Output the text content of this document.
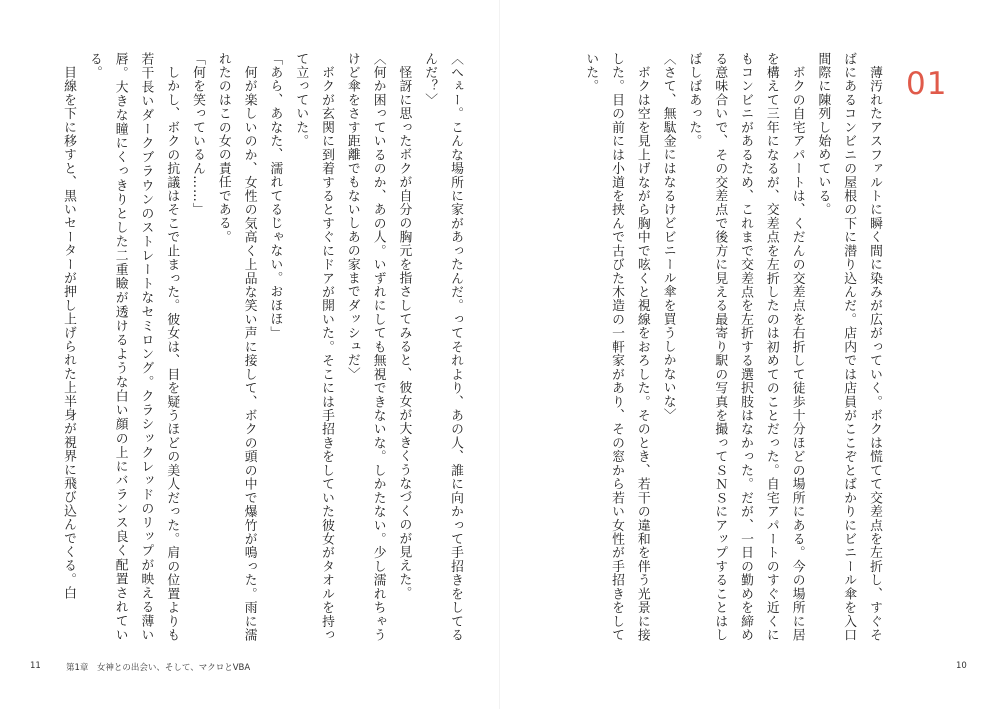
01
　薄汚れたアスファルトに瞬く間に染みが広がっていく。ボクは慌てて交差点を左折し、すぐそばにあるコンビニの屋根の下に潜り込んだ。店内では店員がここぞとばかりにビニール傘を入口間際に陳列し始めている。
　ボクの自宅アパートは、くだんの交差点を右折して徒歩十分ほどの場所にある。今の場所に居を構えて三年になるが、交差点を左折したのは初めてのことだった。自宅アパートのすぐ近くにもコンビニがあるため、これまで交差点を左折する選択肢はなかった。だが、一日の勤めを締める意味合いで、その交差点で後方に見える最寄り駅の写真を撮ってＳＮＳにアップすることはしばしばあった。
〈さて、無駄金にはなるけどビニール傘を買うしかないな〉
　ボクは空を見上げながら胸中で呟くと視線をおろした。そのとき、若干の違和を伴う光景に接した。目の前には小道を挟んで古びた木造の一軒家があり、その窓から若い女性が手招きをしていた。
〈へぇー。こんな場所に家があったんだ。ってそれより、あの人、誰に向かって手招きをしてるんだ？〉
　怪訝に思ったボクが自分の胸元を指さしてみると、彼女が大きくうなづくのが見えた。
〈何か困っているのか、あの人。いずれにしても無視できないな。しかたない。少し濡れちゃうけど傘をさす距離でもないしあの家までダッシュだ〉
　ボクが玄関に到着するとすぐにドアが開いた。そこには手招きをしていた彼女がタオルを持って立っていた。
「あら、あなた、濡れてるじゃない。おほほ」
　何が楽しいのか、女性の気高く上品な笑い声に接して、ボクの頭の中で爆竹が鳴った。雨に濡れたのはこの女の責任である。
「何を笑っているん……」
　しかし、ボクの抗議はそこで止まった。彼女は、目を疑うほどの美人だった。肩の位置よりも若干長いダークブラウンのストレートなセミロング。クラシックレッドのリップが映える薄い唇。大きな瞳にくっきりとした二重瞼が透けるような白い顔の上にバランス良く配置されている。
　目線を下に移すと、黒いセーターが押し上げられた上半身が視界に飛び込んでくる。白
11	第1章　女神との出会い、そして、マクロとVBA	10
